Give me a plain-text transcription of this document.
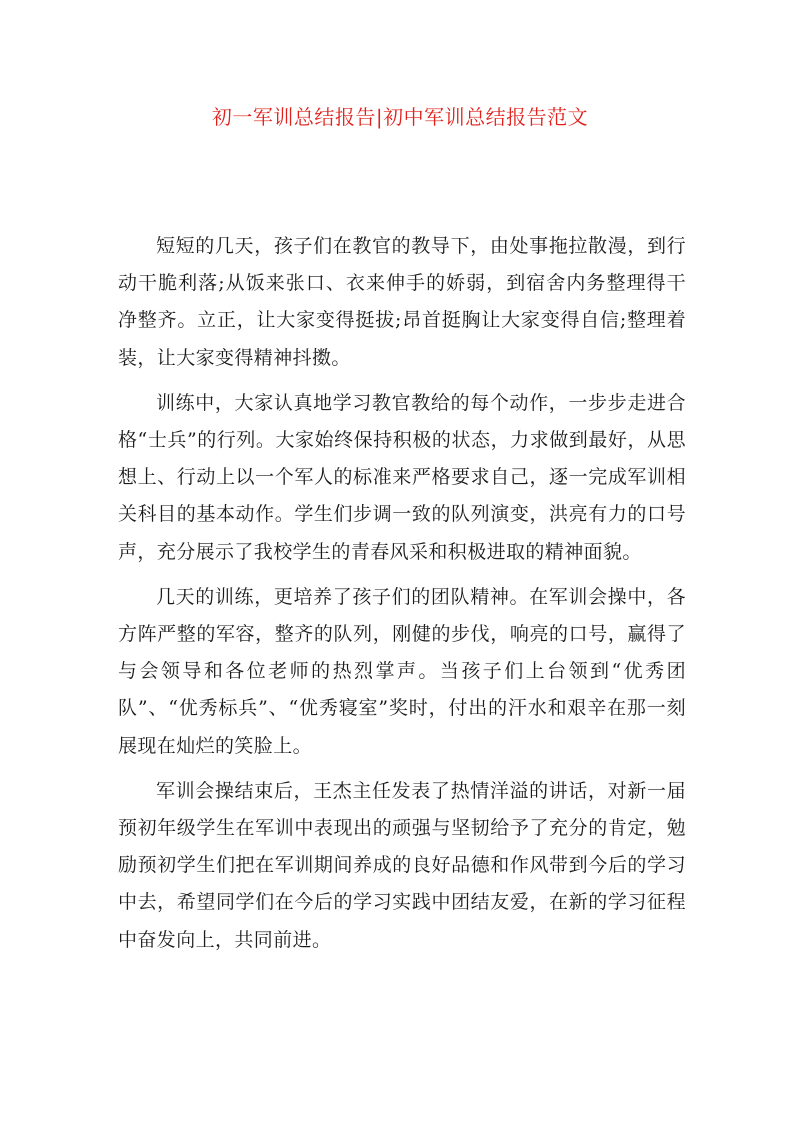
初一军训总结报告|初中军训总结报告范文

短短的几天，孩子们在教官的教导下，由处事拖拉散漫，到行动干脆利落;从饭来张口、衣来伸手的娇弱，到宿舍内务整理得干净整齐。立正，让大家变得挺拔;昂首挺胸让大家变得自信;整理着装，让大家变得精神抖擞。

训练中，大家认真地学习教官教给的每个动作，一步步走进合格“士兵”的行列。大家始终保持积极的状态，力求做到最好，从思想上、行动上以一个军人的标准来严格要求自己，逐一完成军训相关科目的基本动作。学生们步调一致的队列演变，洪亮有力的口号声，充分展示了我校学生的青春风采和积极进取的精神面貌。

几天的训练，更培养了孩子们的团队精神。在军训会操中，各方阵严整的军容，整齐的队列，刚健的步伐，响亮的口号，赢得了与会领导和各位老师的热烈掌声。当孩子们上台领到“优秀团队”、“优秀标兵”、“优秀寝室”奖时，付出的汗水和艰辛在那一刻展现在灿烂的笑脸上。

军训会操结束后，王杰主任发表了热情洋溢的讲话，对新一届预初年级学生在军训中表现出的顽强与坚韧给予了充分的肯定，勉励预初学生们把在军训期间养成的良好品德和作风带到今后的学习中去，希望同学们在今后的学习实践中团结友爱，在新的学习征程中奋发向上，共同前进。
